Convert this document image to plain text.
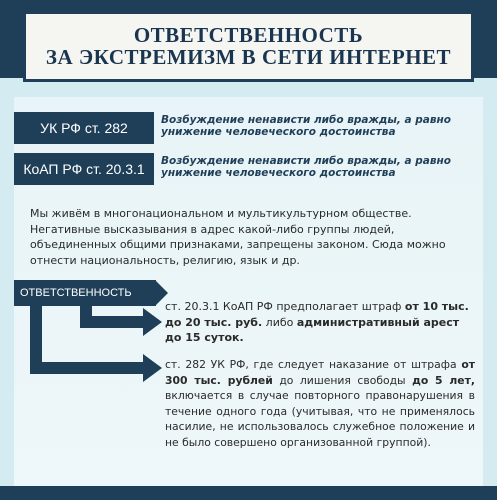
ОТВЕТСТВЕННОСТЬ
ЗА ЭКСТРЕМИЗМ В СЕТИ ИНТЕРНЕТ
УК РФ ст. 282	Возбуждение ненависти либо вражды, а равно унижение человеческого достоинства
КоАП РФ ст. 20.3.1	Возбуждение ненависти либо вражды, а равно унижение человеческого достоинства
Мы живём в многонациональном и мультикультурном обществе. Негативные высказывания в адрес какой-либо группы людей, объединенных общими признаками, запрещены законом. Сюда можно отнести национальность, религию, язык и др.
ОТВЕТСТВЕННОСТЬ
ст. 20.3.1 КоАП РФ предполагает штраф от 10 тыс. до 20 тыс. руб. либо административный арест до 15 суток.
ст. 282 УК РФ, где следует наказание от штрафа от 300 тыс. рублей до лишения свободы до 5 лет, включается в случае повторного правонарушения в течение одного года (учитывая, что не применялось насилие, не использовалось служебное положение и не было совершено организованной группой).
